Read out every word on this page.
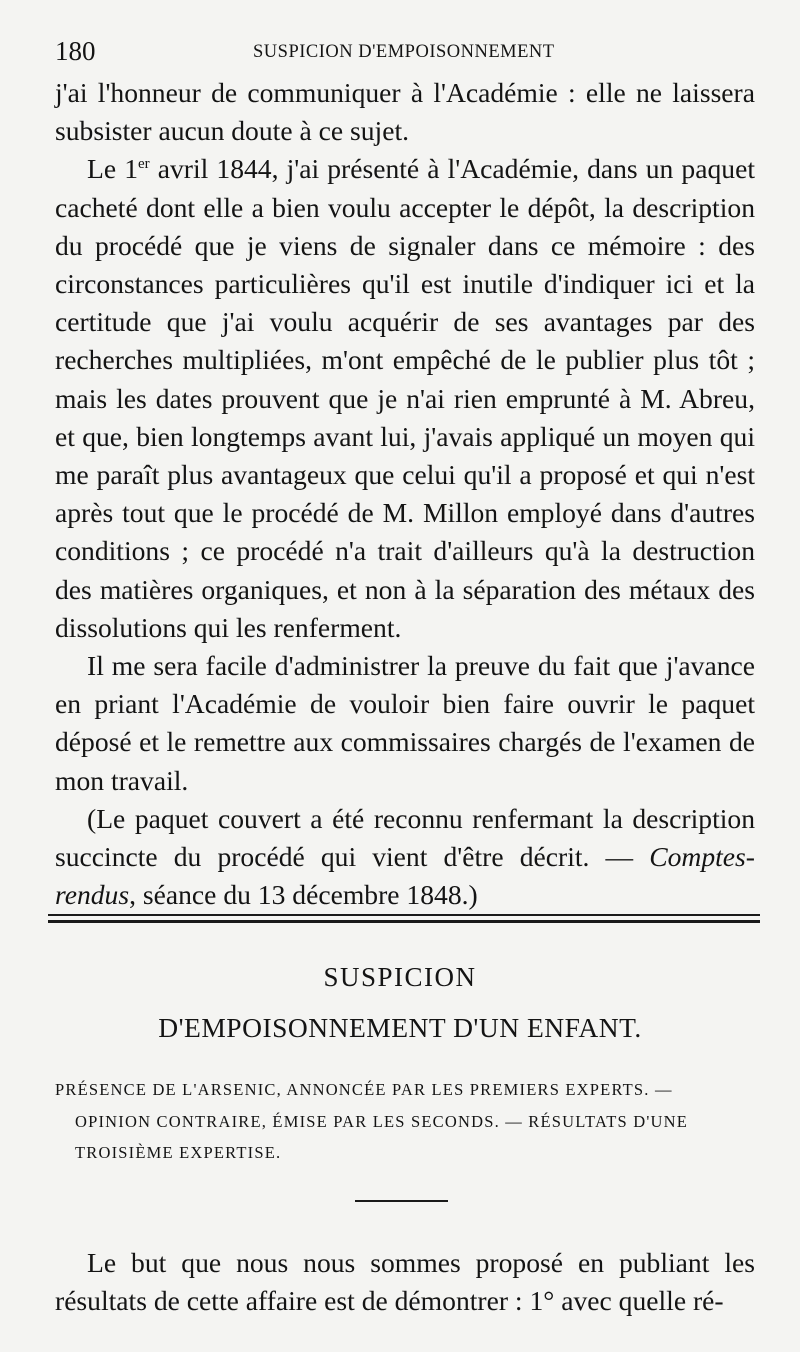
180	SUSPICION D'EMPOISONNEMENT

j'ai l'honneur de communiquer à l'Académie : elle ne laissera subsister aucun doute à ce sujet.

Le 1er avril 1844, j'ai présenté à l'Académie, dans un paquet cacheté dont elle a bien voulu accepter le dépôt, la description du procédé que je viens de signaler dans ce mémoire : des circonstances particulières qu'il est inutile d'indiquer ici et la certitude que j'ai voulu acquérir de ses avantages par des recherches multipliées, m'ont empêché de le publier plus tôt ; mais les dates prouvent que je n'ai rien emprunté à M. Abreu, et que, bien longtemps avant lui, j'avais appliqué un moyen qui me paraît plus avantageux que celui qu'il a proposé et qui n'est après tout que le procédé de M. Millon employé dans d'autres conditions ; ce procédé n'a trait d'ailleurs qu'à la destruction des matières organiques, et non à la séparation des métaux des dissolutions qui les renferment.

Il me sera facile d'administrer la preuve du fait que j'avance en priant l'Académie de vouloir bien faire ouvrir le paquet déposé et le remettre aux commissaires chargés de l'examen de mon travail.

(Le paquet couvert a été reconnu renfermant la description succincte du procédé qui vient d'être décrit. — Comptes-rendus, séance du 13 décembre 1848.)

SUSPICION
D'EMPOISONNEMENT D'UN ENFANT.
PRÉSENCE DE L'ARSENIC, ANNONCÉE PAR LES PREMIERS EXPERTS. —
OPINION CONTRAIRE, ÉMISE PAR LES SECONDS. — RÉSULTATS D'UNE
TROISIÈME EXPERTISE.

Le but que nous nous sommes proposé en publiant les résultats de cette affaire est de démontrer : 1° avec quelle ré-
